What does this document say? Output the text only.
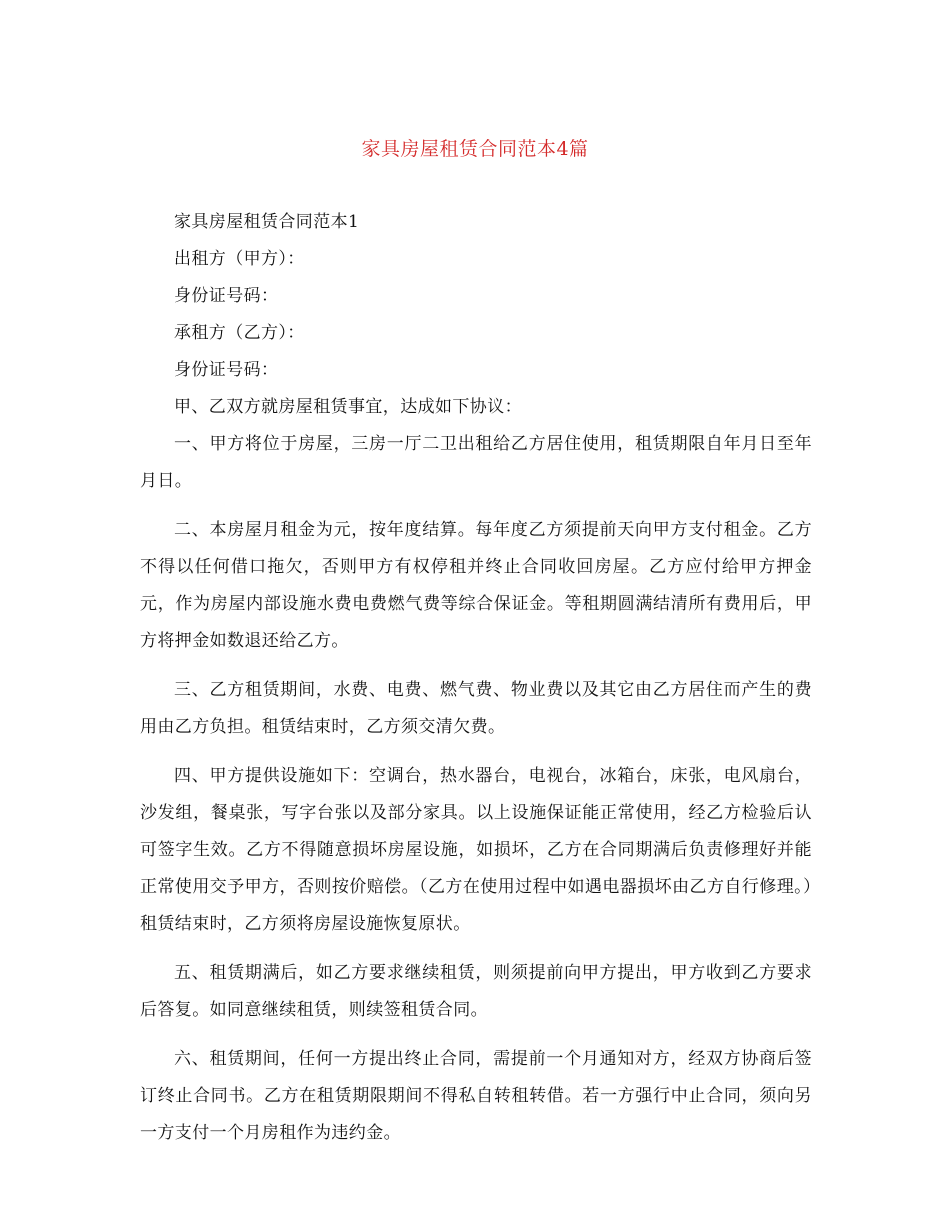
家具房屋租赁合同范本4篇

家具房屋租赁合同范本1

出租方（甲方）：

身份证号码：

承租方（乙方）：

身份证号码：

甲、乙双方就房屋租赁事宜，达成如下协议：

一、甲方将位于房屋，三房一厅二卫出租给乙方居住使用，租赁期限自年月日至年月日。

二、本房屋月租金为元，按年度结算。每年度乙方须提前天向甲方支付租金。乙方不得以任何借口拖欠，否则甲方有权停租并终止合同收回房屋。乙方应付给甲方押金元，作为房屋内部设施水费电费燃气费等综合保证金。等租期圆满结清所有费用后，甲方将押金如数退还给乙方。

三、乙方租赁期间，水费、电费、燃气费、物业费以及其它由乙方居住而产生的费用由乙方负担。租赁结束时，乙方须交清欠费。

四、甲方提供设施如下：空调台，热水器台，电视台，冰箱台，床张，电风扇台，沙发组，餐桌张，写字台张以及部分家具。以上设施保证能正常使用，经乙方检验后认可签字生效。乙方不得随意损坏房屋设施，如损坏，乙方在合同期满后负责修理好并能正常使用交予甲方，否则按价赔偿。（乙方在使用过程中如遇电器损坏由乙方自行修理。）租赁结束时，乙方须将房屋设施恢复原状。

五、租赁期满后，如乙方要求继续租赁，则须提前向甲方提出，甲方收到乙方要求后答复。如同意继续租赁，则续签租赁合同。

六、租赁期间，任何一方提出终止合同，需提前一个月通知对方，经双方协商后签订终止合同书。乙方在租赁期限期间不得私自转租转借。若一方强行中止合同，须向另一方支付一个月房租作为违约金。
